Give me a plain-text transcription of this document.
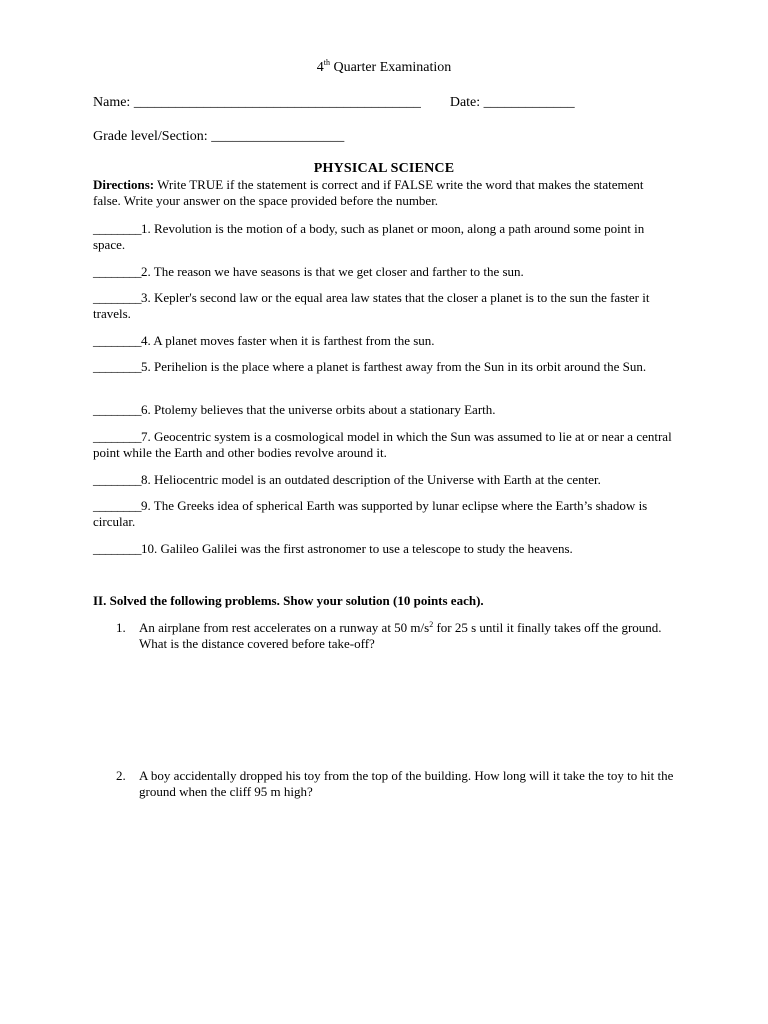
4th Quarter Examination
Name: _________________________________________ Date: _____________
Grade level/Section: ___________________
PHYSICAL SCIENCE

Directions: Write TRUE if the statement is correct and if FALSE write the word that makes the statement false. Write your answer on the space provided before the number.

________1. Revolution is the motion of a body, such as planet or moon, along a path around some point in space.

________2. The reason we have seasons is that we get closer and farther to the sun.

________3. Kepler's second law or the equal area law states that the closer a planet is to the sun the faster it travels.

________4. A planet moves faster when it is farthest from the sun.

________5. Perihelion is the place where a planet is farthest away from the Sun in its orbit around the Sun.

________6. Ptolemy believes that the universe orbits about a stationary Earth.

________7. Geocentric system is a cosmological model in which the Sun was assumed to lie at or near a central point while the Earth and other bodies revolve around it.

________8. Heliocentric model is an outdated description of the Universe with Earth at the center.

________9. The Greeks idea of spherical Earth was supported by lunar eclipse where the Earth’s shadow is circular.

________10. Galileo Galilei was the first astronomer to use a telescope to study the heavens.

II. Solved the following problems. Show your solution (10 points each).
1. An airplane from rest accelerates on a runway at 50 $m/s^2$ for 25 s until it finally takes off the ground. What is the distance covered before take-off?
2. A boy accidentally dropped his toy from the top of the building. How long will it take the toy to hit the ground when the cliff 95 m high?
